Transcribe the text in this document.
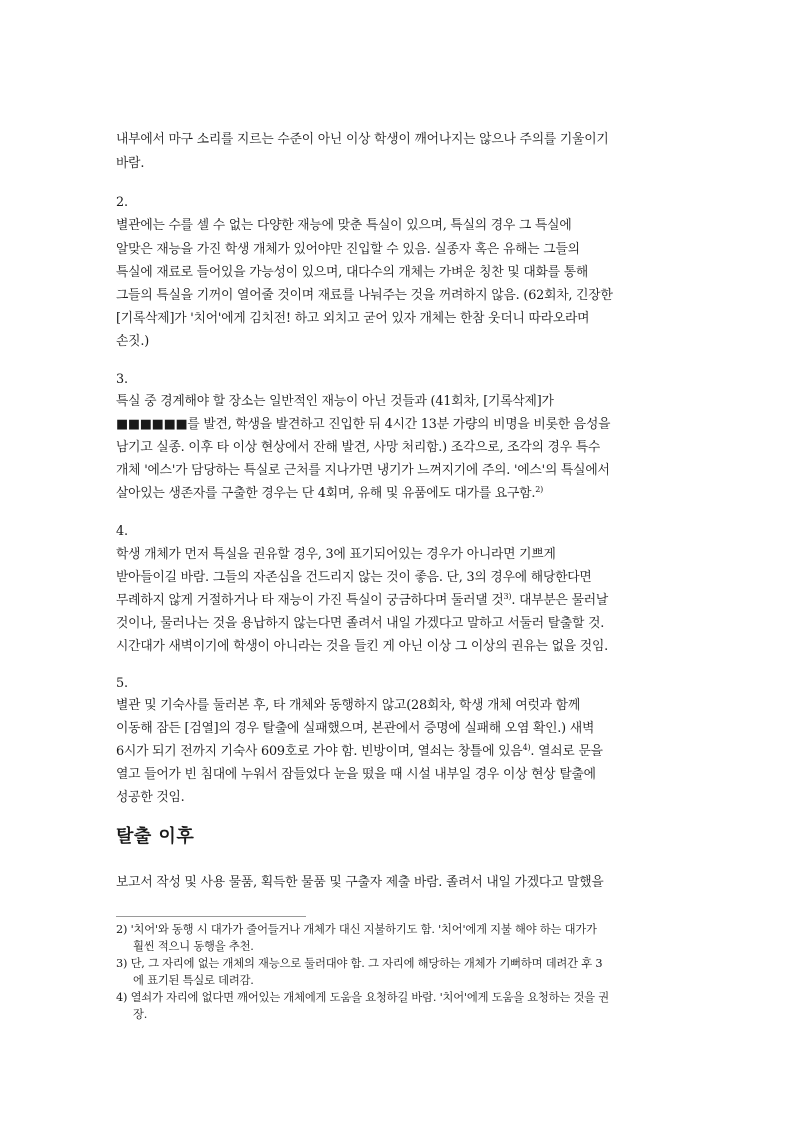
내부에서 마구 소리를 지르는 수준이 아닌 이상 학생이 깨어나지는 않으나 주의를 기울이기
바람.
2.
별관에는 수를 셀 수 없는 다양한 재능에 맞춘 특실이 있으며, 특실의 경우 그 특실에
알맞은 재능을 가진 학생 개체가 있어야만 진입할 수 있음. 실종자 혹은 유해는 그들의
특실에 재료로 들어있을 가능성이 있으며, 대다수의 개체는 가벼운 칭찬 및 대화를 통해
그들의 특실을 기꺼이 열어줄 것이며 재료를 나눠주는 것을 꺼려하지 않음. (62회차, 긴장한
[기록삭제]가 '치어'에게 김치전! 하고 외치고 굳어 있자 개체는 한참 웃더니 따라오라며
손짓.)
3.
특실 중 경계해야 할 장소는 일반적인 재능이 아닌 것들과 (41회차, [기록삭제]가
■■■■■■를 발견, 학생을 발견하고 진입한 뒤 4시간 13분 가량의 비명을 비롯한 음성을
남기고 실종. 이후 타 이상 현상에서 잔해 발견, 사망 처리함.) 조각으로, 조각의 경우 특수
개체 '에스'가 담당하는 특실로 근처를 지나가면 냉기가 느껴지기에 주의. '에스'의 특실에서
살아있는 생존자를 구출한 경우는 단 4회며, 유해 및 유품에도 대가를 요구함.$^{2)}$
4.
학생 개체가 먼저 특실을 권유할 경우, 3에 표기되어있는 경우가 아니라면 기쁘게
받아들이길 바람. 그들의 자존심을 건드리지 않는 것이 좋음. 단, 3의 경우에 해당한다면
무례하지 않게 거절하거나 타 재능이 가진 특실이 궁금하다며 둘러댈 것$^{3)}$. 대부분은 물러날
것이나, 물러나는 것을 용납하지 않는다면 졸려서 내일 가겠다고 말하고 서둘러 탈출할 것.
시간대가 새벽이기에 학생이 아니라는 것을 들킨 게 아닌 이상 그 이상의 권유는 없을 것임.
5.
별관 및 기숙사를 둘러본 후, 타 개체와 동행하지 않고(28회차, 학생 개체 여럿과 함께
이동해 잠든 [검열]의 경우 탈출에 실패했으며, 본관에서 증명에 실패해 오염 확인.) 새벽
6시가 되기 전까지 기숙사 609호로 가야 함. 빈방이며, 열쇠는 창틀에 있음$^{4)}$. 열쇠로 문을
열고 들어가 빈 침대에 누워서 잠들었다 눈을 떴을 때 시설 내부일 경우 이상 현상 탈출에
성공한 것임.
탈출 이후
보고서 작성 및 사용 물품, 획득한 물품 및 구출자 제출 바람. 졸려서 내일 가겠다고 말했을
2) '치어'와 동행 시 대가가 줄어들거나 개체가 대신 지불하기도 함. '치어'에게 지불 해야 하는 대가가
훨씬 적으니 동행을 추천.
3) 단, 그 자리에 없는 개체의 재능으로 둘러대야 함. 그 자리에 해당하는 개체가 기뻐하며 데려간 후 3
에 표기된 특실로 데려감.
4) 열쇠가 자리에 없다면 깨어있는 개체에게 도움을 요청하길 바람. '치어'에게 도움을 요청하는 것을 권
장.
